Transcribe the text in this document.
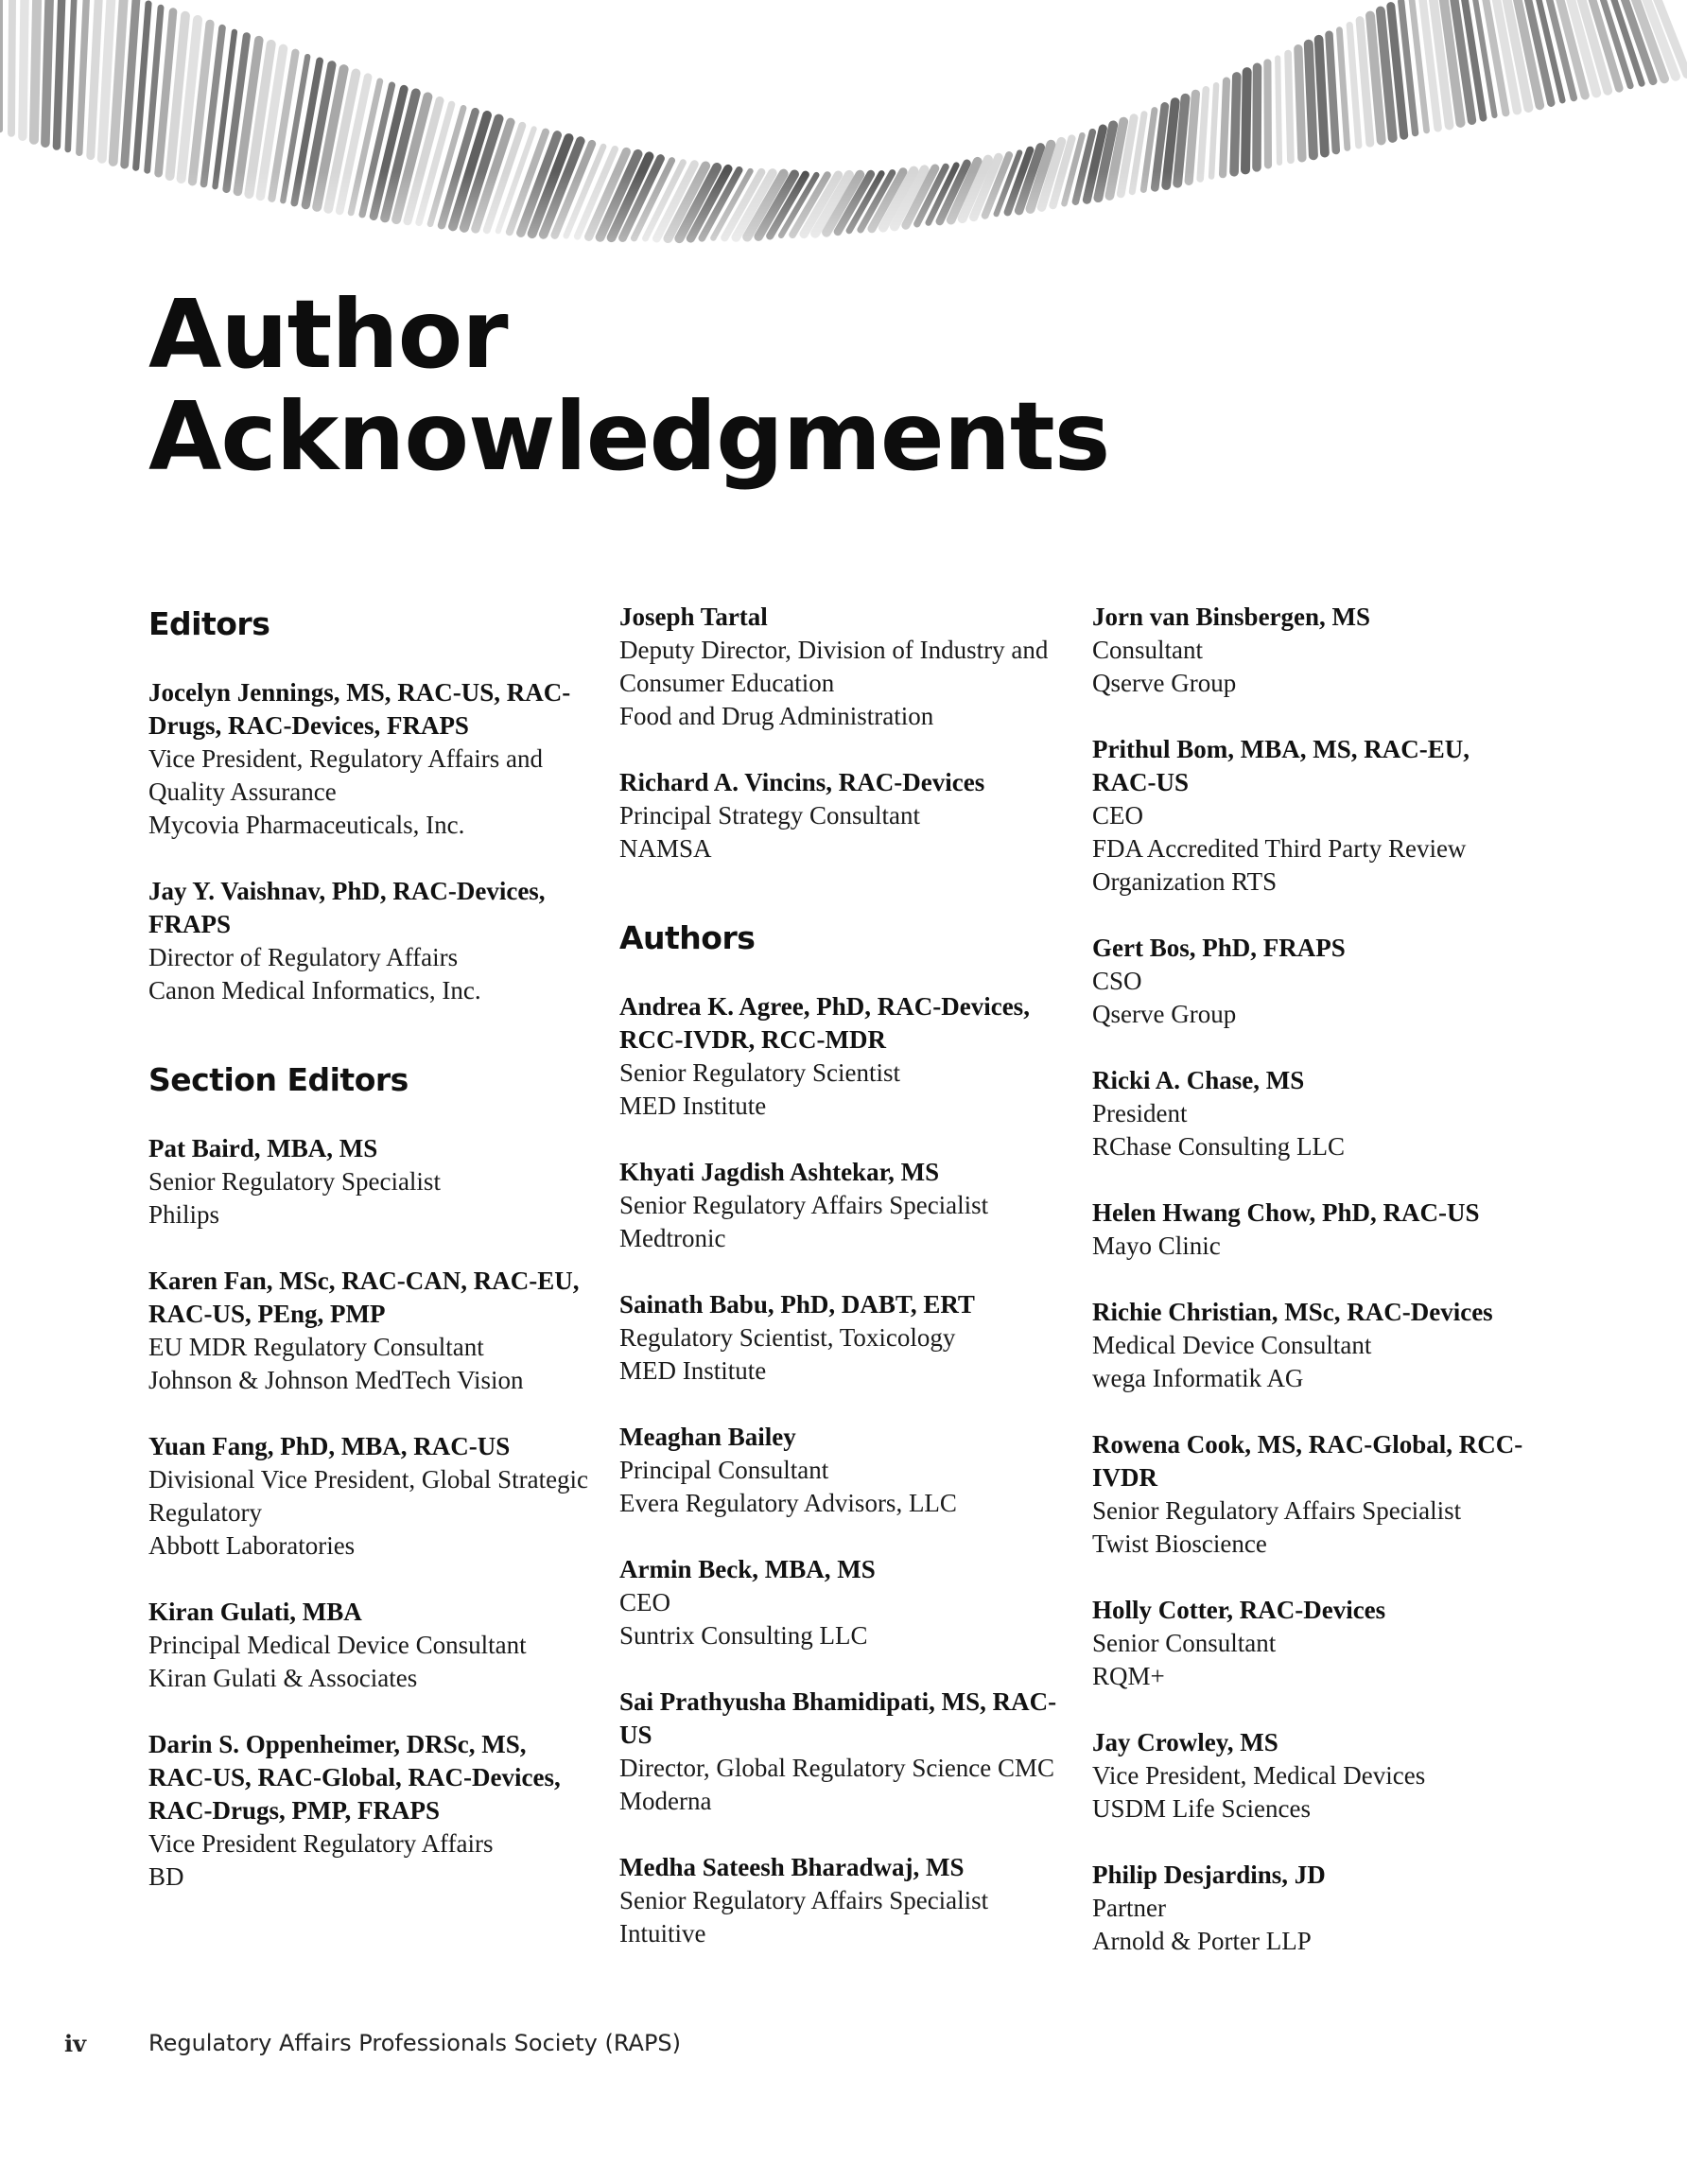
Author
Acknowledgments
Editors
Jocelyn Jennings, MS, RAC-US, RAC-Drugs, RAC-Devices, FRAPS
Vice President, Regulatory Affairs and Quality Assurance
Mycovia Pharmaceuticals, Inc.
Jay Y. Vaishnav, PhD, RAC-Devices, FRAPS
Director of Regulatory Affairs
Canon Medical Informatics, Inc.
Section Editors
Pat Baird, MBA, MS
Senior Regulatory Specialist
Philips
Karen Fan, MSc, RAC-CAN, RAC-EU, RAC-US, PEng, PMP
EU MDR Regulatory Consultant
Johnson & Johnson MedTech Vision
Yuan Fang, PhD, MBA, RAC-US
Divisional Vice President, Global Strategic Regulatory
Abbott Laboratories
Kiran Gulati, MBA
Principal Medical Device Consultant
Kiran Gulati & Associates
Darin S. Oppenheimer, DRSc, MS, RAC-US, RAC-Global, RAC-Devices, RAC-Drugs, PMP, FRAPS
Vice President Regulatory Affairs
BD
Joseph Tartal
Deputy Director, Division of Industry and Consumer Education
Food and Drug Administration
Richard A. Vincins, RAC-Devices
Principal Strategy Consultant
NAMSA
Authors
Andrea K. Agree, PhD, RAC-Devices, RCC-IVDR, RCC-MDR
Senior Regulatory Scientist
MED Institute
Khyati Jagdish Ashtekar, MS
Senior Regulatory Affairs Specialist
Medtronic
Sainath Babu, PhD, DABT, ERT
Regulatory Scientist, Toxicology
MED Institute
Meaghan Bailey
Principal Consultant
Evera Regulatory Advisors, LLC
Armin Beck, MBA, MS
CEO
Suntrix Consulting LLC
Sai Prathyusha Bhamidipati, MS, RAC-US
Director, Global Regulatory Science CMC
Moderna
Medha Sateesh Bharadwaj, MS
Senior Regulatory Affairs Specialist
Intuitive
Jorn van Binsbergen, MS
Consultant
Qserve Group
Prithul Bom, MBA, MS, RAC-EU, RAC-US
CEO
FDA Accredited Third Party Review Organization RTS
Gert Bos, PhD, FRAPS
CSO
Qserve Group
Ricki A. Chase, MS
President
RChase Consulting LLC
Helen Hwang Chow, PhD, RAC-US
Mayo Clinic
Richie Christian, MSc, RAC-Devices
Medical Device Consultant
wega Informatik AG
Rowena Cook, MS, RAC-Global, RCC-IVDR
Senior Regulatory Affairs Specialist
Twist Bioscience
Holly Cotter, RAC-Devices
Senior Consultant
RQM+
Jay Crowley, MS
Vice President, Medical Devices
USDM Life Sciences
Philip Desjardins, JD
Partner
Arnold & Porter LLP
iv	Regulatory Affairs Professionals Society (RAPS)
